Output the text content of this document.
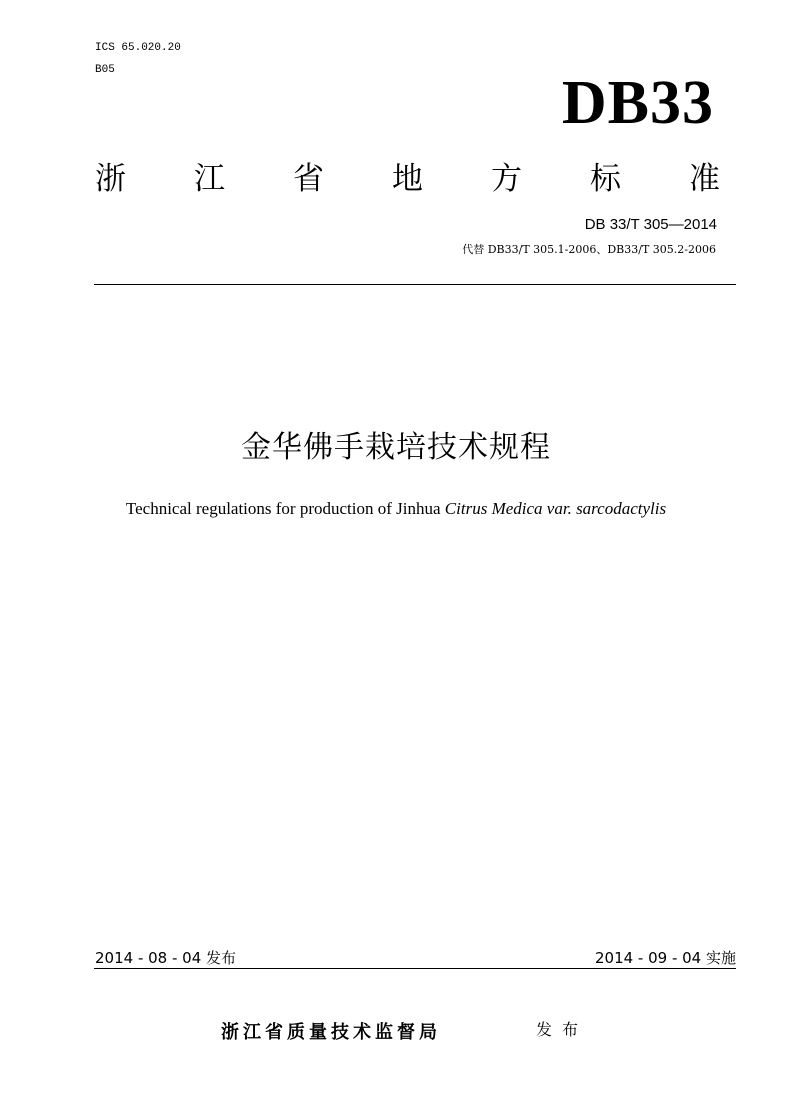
ICS 65.020.20
B05	DB33
浙 江 省 地 方 标 准
DB 33/T 305—2014
代替 DB33/T 305.1-2006、DB33/T 305.2-2006
金华佛手栽培技术规程
Technical regulations for production of Jinhua Citrus Medica var. sarcodactylis
2014 - 08 - 04 发布	2014 - 09 - 04 实施
浙江省质量技术监督局	发布
